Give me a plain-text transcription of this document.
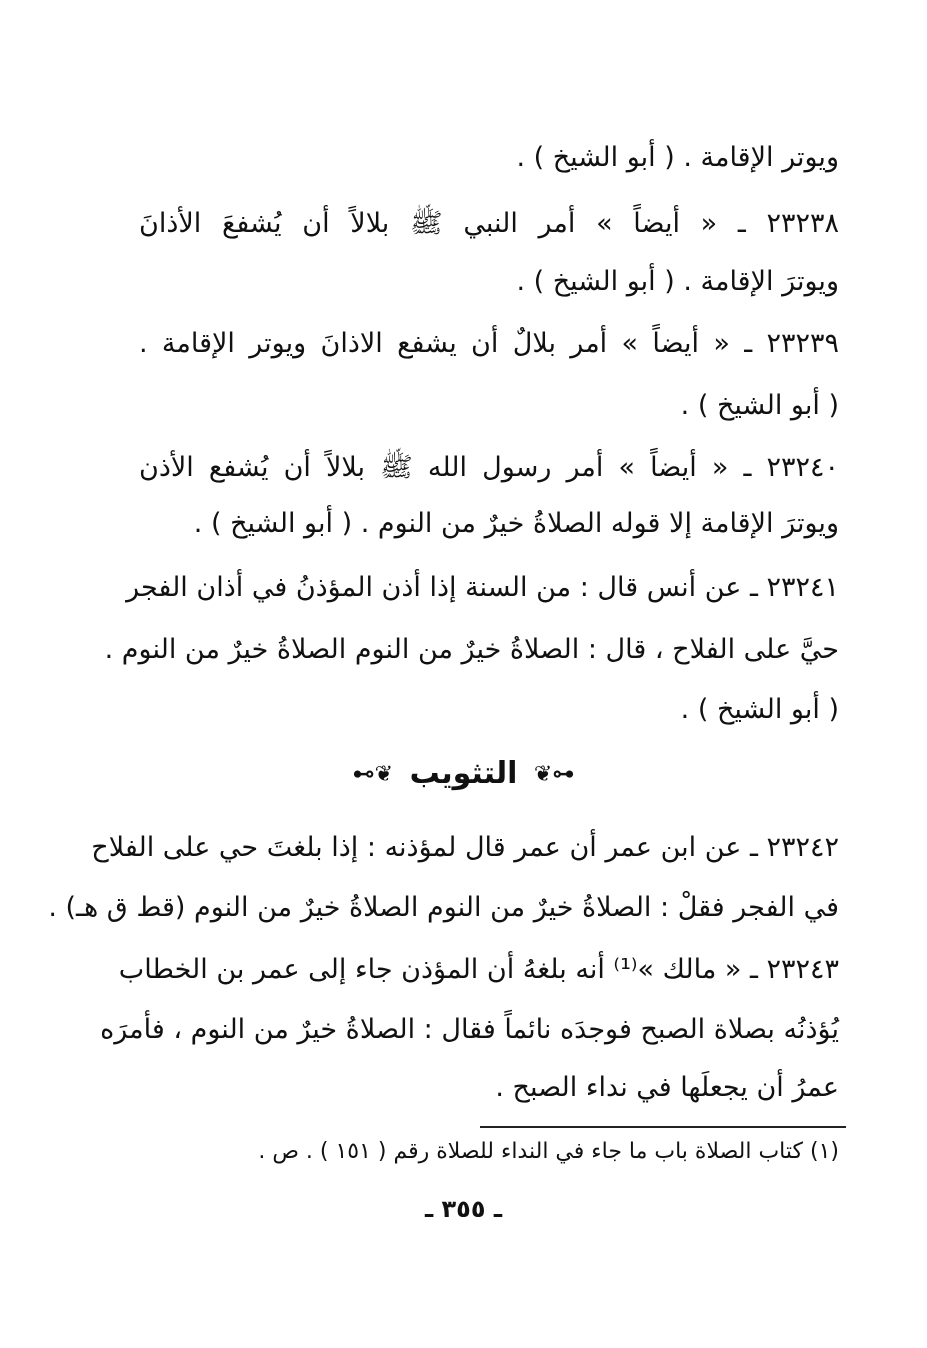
ويوتر الإقامة . ( أبو الشيخ ) .
٢٣٢٣٨ ـ « أيضاً » أمر النبي ﷺ بلالاً أن يُشفعَ الأذانَ
ويوترَ الإقامة . ( أبو الشيخ ) .
٢٣٢٣٩ ـ « أيضاً » أمر بلالٌ أن يشفع الاذانَ ويوتر الإقامة .
( أبو الشيخ ) .
٢٣٢٤٠ ـ « أيضاً » أمر رسول الله ﷺ بلالاً أن يُشفع الأذن
ويوترَ الإقامة إلا قوله الصلاةُ خيرٌ من النوم . ( أبو الشيخ ) .
٢٣٢٤١ ـ عن أنس قال : من السنة إذا أذن المؤذنُ في أذان الفجر
حيَّ على الفلاح ، قال : الصلاةُ خيرٌ من النوم الصلاةُ خيرٌ من النوم .
( أبو الشيخ ) .
⊷❦ التثويب ❦⊶
٢٣٢٤٢ ـ عن ابن عمر أن عمر قال لمؤذنه : إذا بلغتَ حي على الفلاح
في الفجر فقلْ : الصلاةُ خيرٌ من النوم الصلاةُ خيرٌ من النوم (قط ق هـ) .
٢٣٢٤٣ ـ « مالك »⁽¹⁾ أنه بلغهُ أن المؤذن جاء إلى عمر بن الخطاب
يُؤذنُه بصلاة الصبح فوجدَه نائماً فقال : الصلاةُ خيرٌ من النوم ، فأمرَه
عمرُ أن يجعلَها في نداء الصبح .
(١) كتاب الصلاة باب ما جاء في النداء للصلاة رقم ( ١٥١ ) . ص .
ـ ٣٥٥ ـ
